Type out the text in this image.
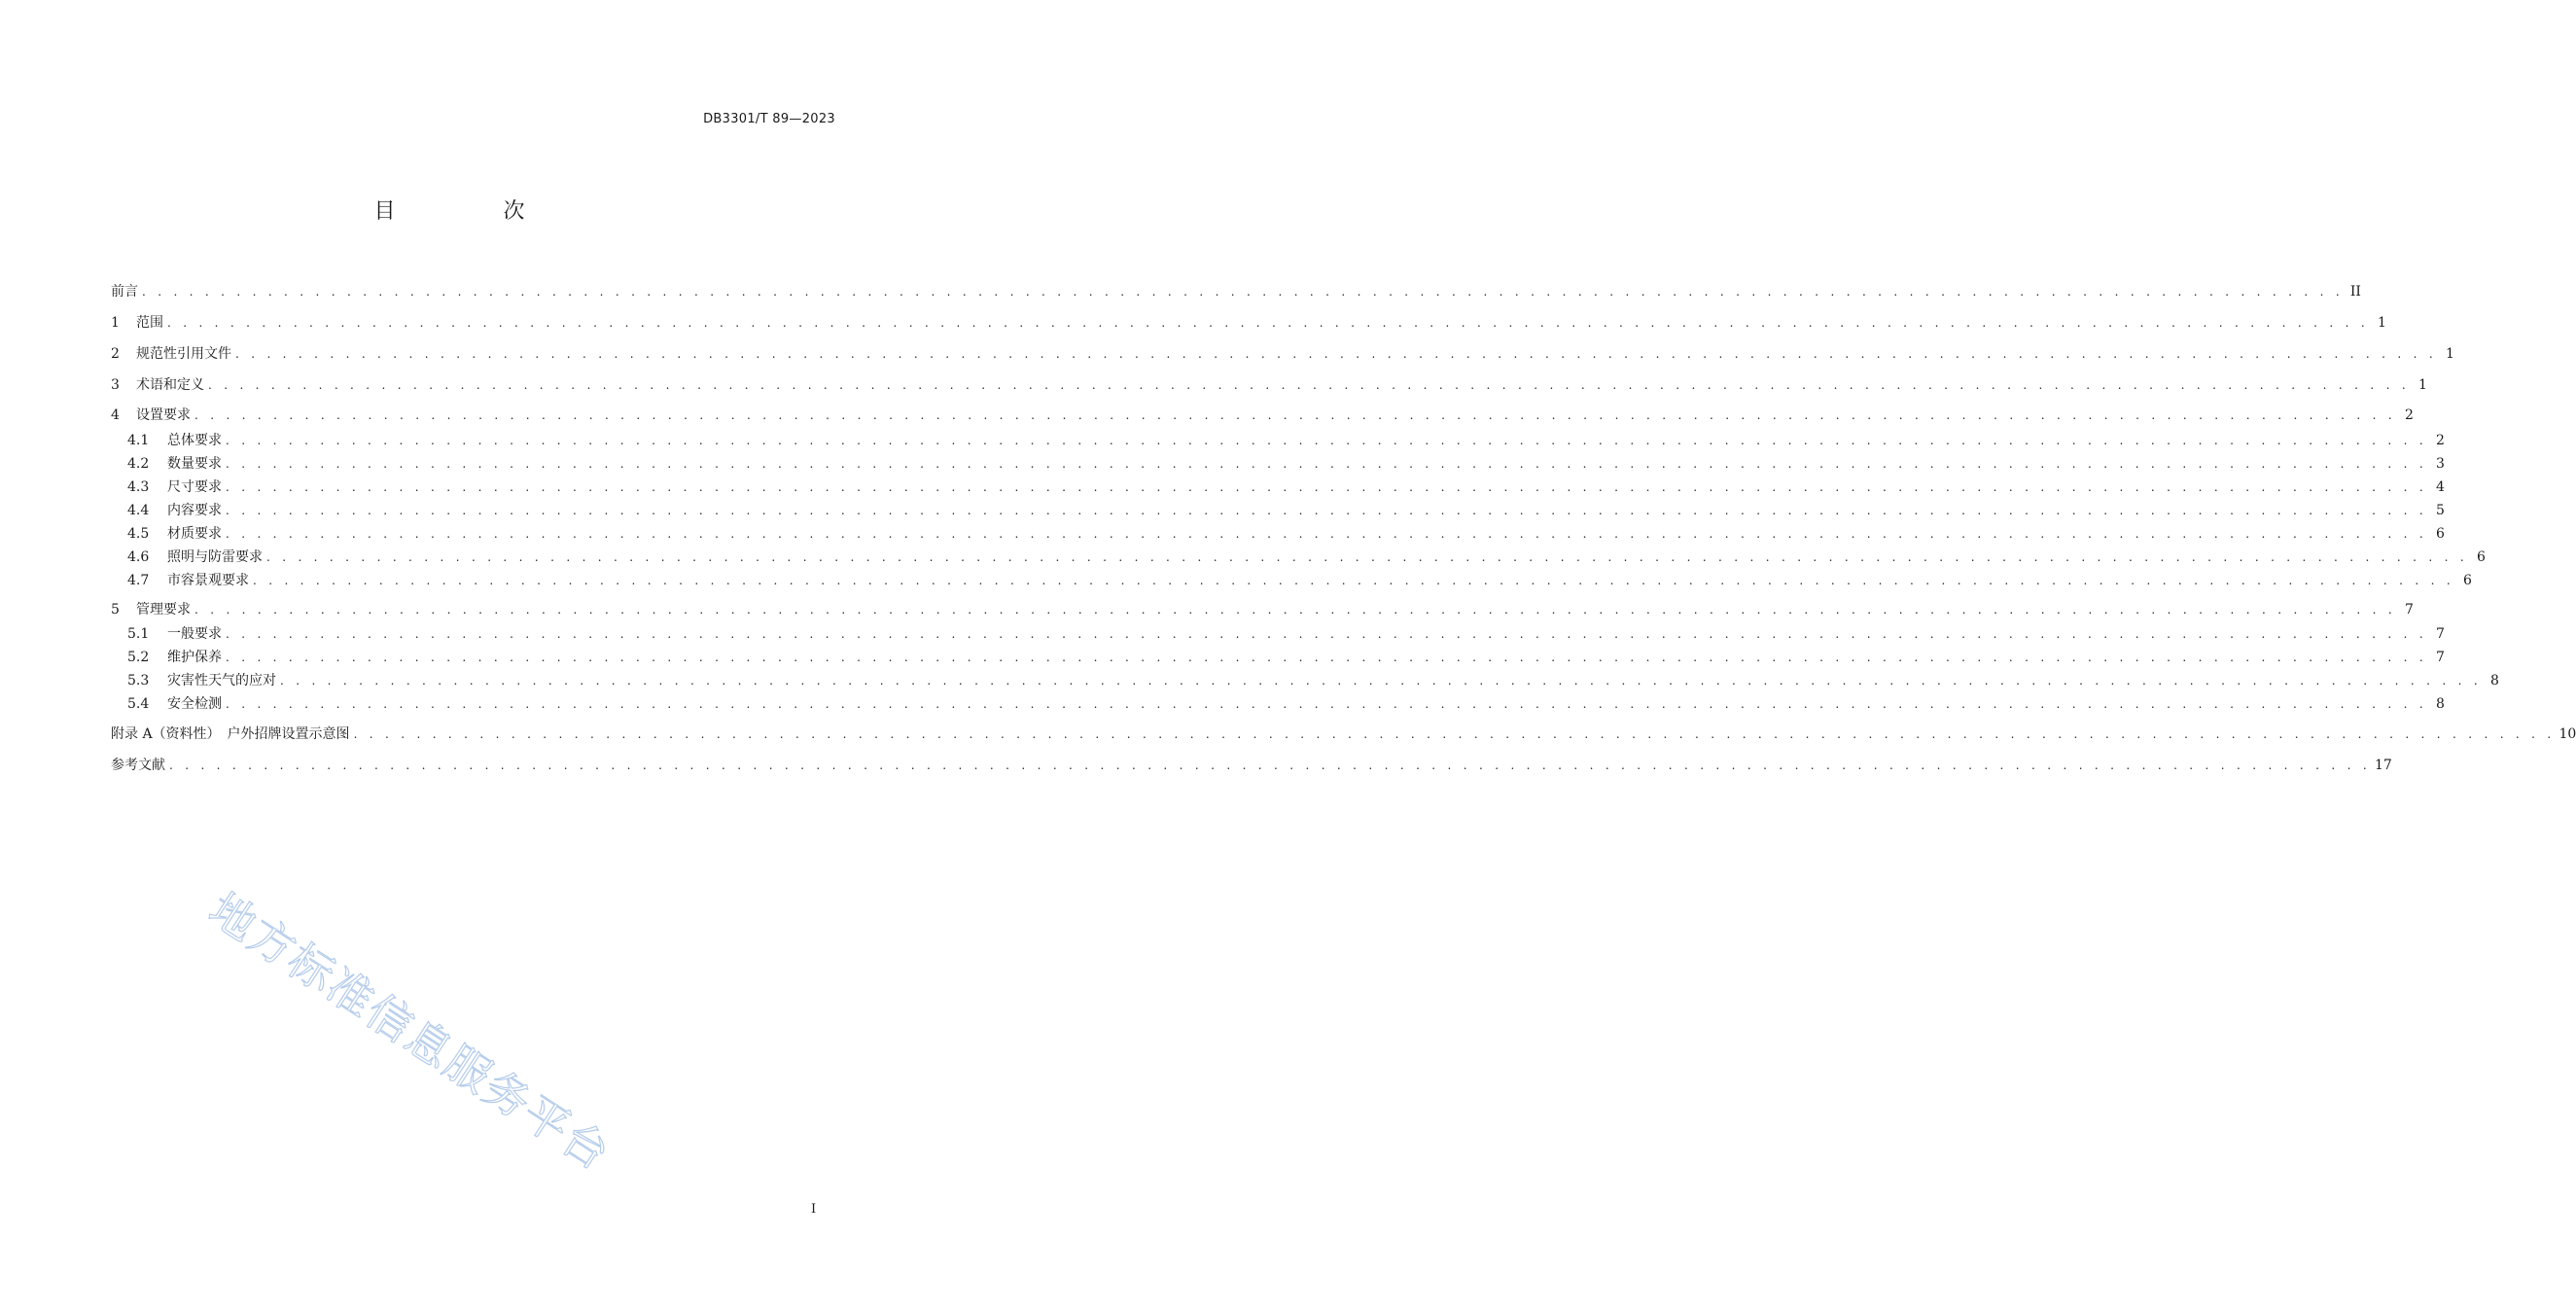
DB3301/T 89—2023
目 次
前言 . . . . . . . . . . . . . . . . . . . . . . . . . . . . . . . . . . . . . . . . . . . . . . . . . . . . . . . . . . . . . . . . . . . . . . . . . . . . . . . . . . . . . . . . . . . . . . . . . . . . . . . . . . . . . . . . . . . . . . . . . . . . . . . . . . . . . . . . . . . . II
1	范围 . . . . . . . . . . . . . . . . . . . . . . . . . . . . . . . . . . . . . . . . . . . . . . . . . . . . . . . . . . . . . . . . . . . . . . . . . . . . . . . . . . . . . . . . . . . . . . . . . . . . . . . . . . . . . . . . . . . . . . . . . . . . . . . . . . . . . . . . . . . . 1
2	规范性引用文件 . . . . . . . . . . . . . . . . . . . . . . . . . . . . . . . . . . . . . . . . . . . . . . . . . . . . . . . . . . . . . . . . . . . . . . . . . . . . . . . . . . . . . . . . . . . . . . . . . . . . . . . . . . . . . . . . . . . . . . . . . . . . . . . . . . . . . . . . . . . . 1
3	术语和定义 . . . . . . . . . . . . . . . . . . . . . . . . . . . . . . . . . . . . . . . . . . . . . . . . . . . . . . . . . . . . . . . . . . . . . . . . . . . . . . . . . . . . . . . . . . . . . . . . . . . . . . . . . . . . . . . . . . . . . . . . . . . . . . . . . . . . . . . . . . . . 1
4	设置要求 . . . . . . . . . . . . . . . . . . . . . . . . . . . . . . . . . . . . . . . . . . . . . . . . . . . . . . . . . . . . . . . . . . . . . . . . . . . . . . . . . . . . . . . . . . . . . . . . . . . . . . . . . . . . . . . . . . . . . . . . . . . . . . . . . . . . . . . . . . . . 2
4.1	总体要求 . . . . . . . . . . . . . . . . . . . . . . . . . . . . . . . . . . . . . . . . . . . . . . . . . . . . . . . . . . . . . . . . . . . . . . . . . . . . . . . . . . . . . . . . . . . . . . . . . . . . . . . . . . . . . . . . . . . . . . . . . . . . . . . . . . . . . . . . . . . . 2
4.2	数量要求 . . . . . . . . . . . . . . . . . . . . . . . . . . . . . . . . . . . . . . . . . . . . . . . . . . . . . . . . . . . . . . . . . . . . . . . . . . . . . . . . . . . . . . . . . . . . . . . . . . . . . . . . . . . . . . . . . . . . . . . . . . . . . . . . . . . . . . . . . . . . 3
4.3	尺寸要求 . . . . . . . . . . . . . . . . . . . . . . . . . . . . . . . . . . . . . . . . . . . . . . . . . . . . . . . . . . . . . . . . . . . . . . . . . . . . . . . . . . . . . . . . . . . . . . . . . . . . . . . . . . . . . . . . . . . . . . . . . . . . . . . . . . . . . . . . . . . . 4
4.4	内容要求 . . . . . . . . . . . . . . . . . . . . . . . . . . . . . . . . . . . . . . . . . . . . . . . . . . . . . . . . . . . . . . . . . . . . . . . . . . . . . . . . . . . . . . . . . . . . . . . . . . . . . . . . . . . . . . . . . . . . . . . . . . . . . . . . . . . . . . . . . . . . 5
4.5	材质要求 . . . . . . . . . . . . . . . . . . . . . . . . . . . . . . . . . . . . . . . . . . . . . . . . . . . . . . . . . . . . . . . . . . . . . . . . . . . . . . . . . . . . . . . . . . . . . . . . . . . . . . . . . . . . . . . . . . . . . . . . . . . . . . . . . . . . . . . . . . . . 6
4.6	照明与防雷要求 . . . . . . . . . . . . . . . . . . . . . . . . . . . . . . . . . . . . . . . . . . . . . . . . . . . . . . . . . . . . . . . . . . . . . . . . . . . . . . . . . . . . . . . . . . . . . . . . . . . . . . . . . . . . . . . . . . . . . . . . . . . . . . . . . . . . . . . . . . . . 6
4.7	市容景观要求 . . . . . . . . . . . . . . . . . . . . . . . . . . . . . . . . . . . . . . . . . . . . . . . . . . . . . . . . . . . . . . . . . . . . . . . . . . . . . . . . . . . . . . . . . . . . . . . . . . . . . . . . . . . . . . . . . . . . . . . . . . . . . . . . . . . . . . . . . . . . 6
5	管理要求 . . . . . . . . . . . . . . . . . . . . . . . . . . . . . . . . . . . . . . . . . . . . . . . . . . . . . . . . . . . . . . . . . . . . . . . . . . . . . . . . . . . . . . . . . . . . . . . . . . . . . . . . . . . . . . . . . . . . . . . . . . . . . . . . . . . . . . . . . . . . 7
5.1	一般要求 . . . . . . . . . . . . . . . . . . . . . . . . . . . . . . . . . . . . . . . . . . . . . . . . . . . . . . . . . . . . . . . . . . . . . . . . . . . . . . . . . . . . . . . . . . . . . . . . . . . . . . . . . . . . . . . . . . . . . . . . . . . . . . . . . . . . . . . . . . . . 7
5.2	维护保养 . . . . . . . . . . . . . . . . . . . . . . . . . . . . . . . . . . . . . . . . . . . . . . . . . . . . . . . . . . . . . . . . . . . . . . . . . . . . . . . . . . . . . . . . . . . . . . . . . . . . . . . . . . . . . . . . . . . . . . . . . . . . . . . . . . . . . . . . . . . . 7
5.3	灾害性天气的应对 . . . . . . . . . . . . . . . . . . . . . . . . . . . . . . . . . . . . . . . . . . . . . . . . . . . . . . . . . . . . . . . . . . . . . . . . . . . . . . . . . . . . . . . . . . . . . . . . . . . . . . . . . . . . . . . . . . . . . . . . . . . . . . . . . . . . . . . . . . . . 8
5.4	安全检测 . . . . . . . . . . . . . . . . . . . . . . . . . . . . . . . . . . . . . . . . . . . . . . . . . . . . . . . . . . . . . . . . . . . . . . . . . . . . . . . . . . . . . . . . . . . . . . . . . . . . . . . . . . . . . . . . . . . . . . . . . . . . . . . . . . . . . . . . . . . . 8
附录 A（资料性）　户外招牌设置示意图 . . . . . . . . . . . . . . . . . . . . . . . . . . . . . . . . . . . . . . . . . . . . . . . . . . . . . . . . . . . . . . . . . . . . . . . . . . . . . . . . . . . . . . . . . . . . . . . . . . . . . . . . . . . . . . . . . . . . . . . . . . . . . . . . . . . . . . . . . . . . 10
参考文献 . . . . . . . . . . . . . . . . . . . . . . . . . . . . . . . . . . . . . . . . . . . . . . . . . . . . . . . . . . . . . . . . . . . . . . . . . . . . . . . . . . . . . . . . . . . . . . . . . . . . . . . . . . . . . . . . . . . . . . . . . . . . . . . . . . . . . . . . . . . . 17
地方标准信息服务平台
I
